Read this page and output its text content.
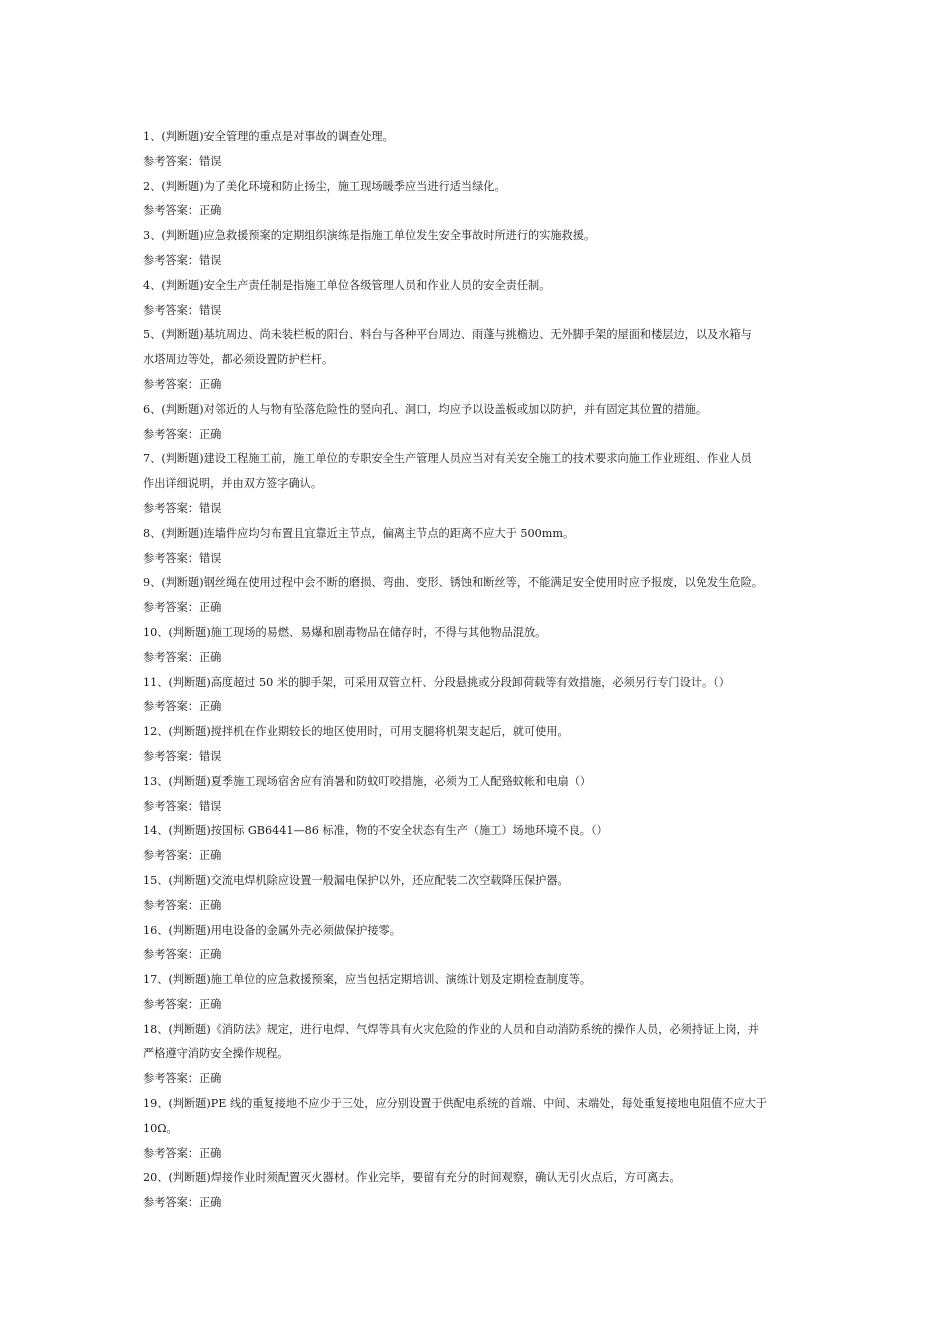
1、(判断题)安全管理的重点是对事故的调查处理。
参考答案：错误
2、(判断题)为了美化环境和防止扬尘，施工现场暖季应当进行适当绿化。
参考答案：正确
3、(判断题)应急救援预案的定期组织演练是指施工单位发生安全事故时所进行的实施救援。
参考答案：错误
4、(判断题)安全生产责任制是指施工单位各级管理人员和作业人员的安全责任制。
参考答案：错误
5、(判断题)基坑周边、尚未装栏板的阳台、料台与各种平台周边、雨蓬与挑檐边、无外脚手架的屋面和楼层边，以及水箱与
水塔周边等处，都必须设置防护栏杆。
参考答案：正确
6、(判断题)对邻近的人与物有坠落危险性的竖向孔、洞口，均应予以设盖板或加以防护，并有固定其位置的措施。
参考答案：正确
7、(判断题)建设工程施工前，施工单位的专职安全生产管理人员应当对有关安全施工的技术要求向施工作业班组、作业人员
作出详细说明，并由双方签字确认。
参考答案：错误
8、(判断题)连墙件应均匀布置且宜靠近主节点，偏离主节点的距离不应大于 500mm。
参考答案：错误
9、(判断题)钢丝绳在使用过程中会不断的磨损、弯曲、变形、锈蚀和断丝等，不能满足安全使用时应予报废，以免发生危险。
参考答案：正确
10、(判断题)施工现场的易燃、易爆和剧毒物品在储存时，不得与其他物品混放。
参考答案：正确
11、(判断题)高度超过 50 米的脚手架，可采用双管立杆、分段悬挑或分段卸荷载等有效措施，必须另行专门设计。（）
参考答案：正确
12、(判断题)搅拌机在作业期较长的地区使用时，可用支腿将机架支起后，就可使用。
参考答案：错误
13、(判断题)夏季施工现场宿舍应有消暑和防蚊叮咬措施，必须为工人配臵蚊帐和电扇（）
参考答案：错误
14、(判断题)按国标 GB6441—86 标准，物的不安全状态有生产（施工）场地环境不良。（）
参考答案：正确
15、(判断题)交流电焊机除应设置一般漏电保护以外，还应配装二次空载降压保护器。
参考答案：正确
16、(判断题)用电设备的金属外壳必须做保护接零。
参考答案：正确
17、(判断题)施工单位的应急救援预案，应当包括定期培训、演练计划及定期检查制度等。
参考答案：正确
18、(判断题)《消防法》规定，进行电焊、气焊等具有火灾危险的作业的人员和自动消防系统的操作人员，必须持证上岗，并
严格遵守消防安全操作规程。
参考答案：正确
19、(判断题)PE 线的重复接地不应少于三处，应分别设置于供配电系统的首端、中间、末端处，每处重复接地电阻值不应大于
10Ω。
参考答案：正确
20、(判断题)焊接作业时须配置灭火器材。作业完毕，要留有充分的时间观察，确认无引火点后，方可离去。
参考答案：正确
